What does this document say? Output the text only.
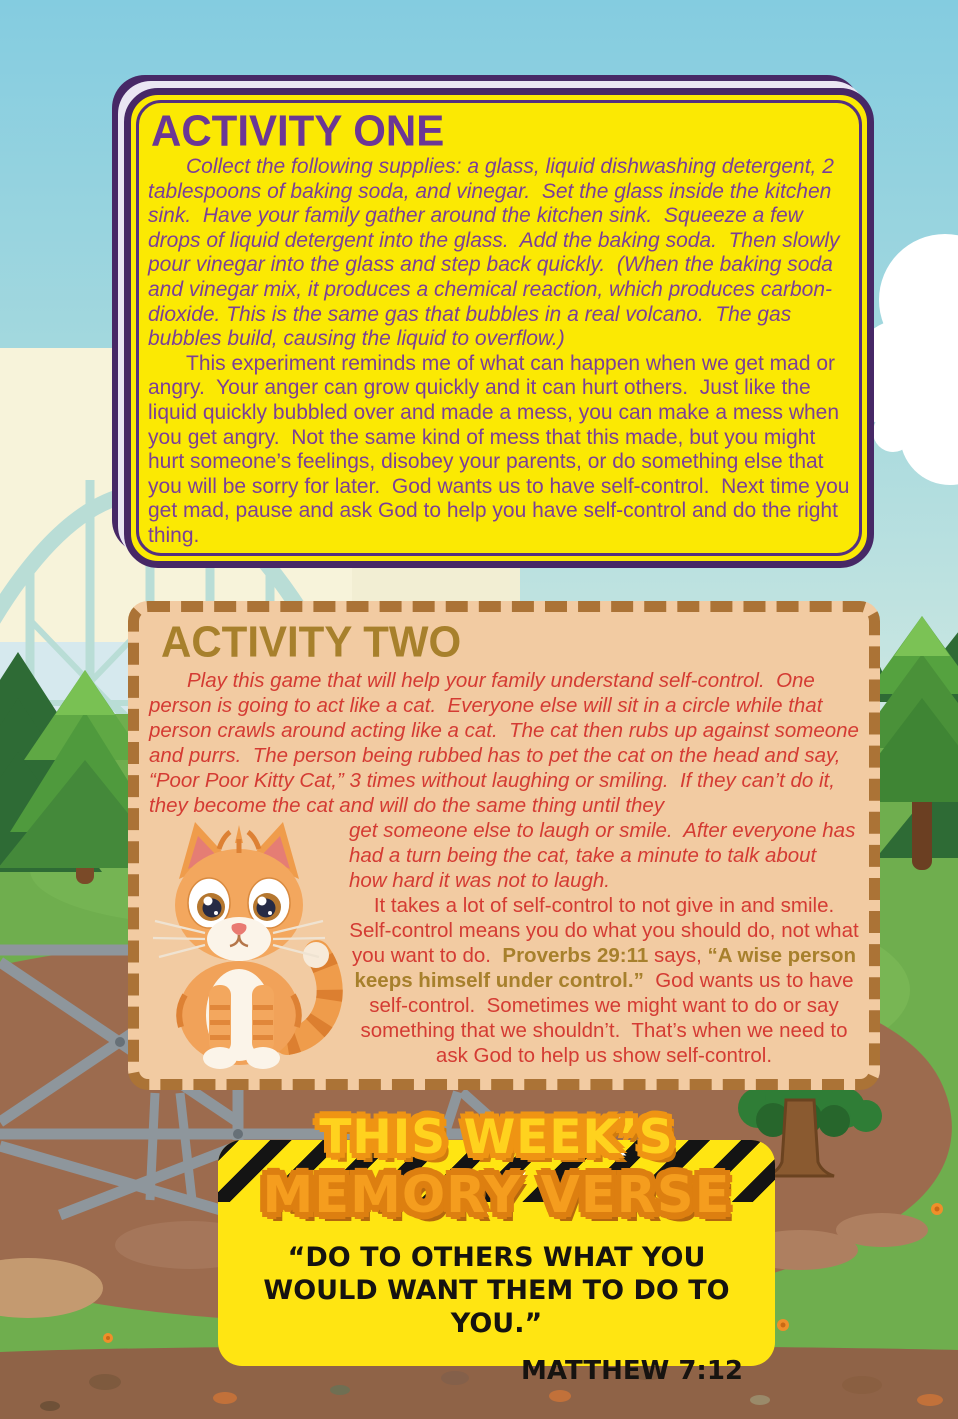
ACTIVITY ONE

Collect the following supplies: a glass, liquid dishwashing detergent, 2 tablespoons of baking soda, and vinegar.  Set the glass inside the kitchen sink.  Have your family gather around the kitchen sink.  Squeeze a few drops of liquid detergent into the glass.  Add the baking soda.  Then slowly pour vinegar into the glass and step back quickly.  (When the baking soda and vinegar mix, it produces a chemical reaction, which produces carbon-dioxide. This is the same gas that bubbles in a real volcano.  The gas bubbles build, causing the liquid to overflow.)

This experiment reminds me of what can happen when we get mad or angry.  Your anger can grow quickly and it can hurt others.  Just like the liquid quickly bubbled over and made a mess, you can make a mess when you get angry.  Not the same kind of mess that this made, but you might hurt someone’s feelings, disobey your parents, or do something else that you will be sorry for later.  God wants us to have self-control.  Next time you get mad, pause and ask God to help you have self-control and do the right thing.

ACTIVITY TWO

Play this game that will help your family understand self-control.  One person is going to act like a cat.  Everyone else will sit in a circle while that person crawls around acting like a cat.  The cat then rubs up against someone and purrs.  The person being rubbed has to pet the cat on the head and say, “Poor Poor Kitty Cat,” 3 times without laughing or smiling.  If they can’t do it, they become the cat and will do the same thing until they

get someone else to laugh or smile.  After everyone has had a turn being the cat, take a minute to talk about how hard it was not to laugh.

It takes a lot of self-control to not give in and smile.  Self-control means you do what you should do, not what you want to do.  Proverbs 29:11 says, “A wise person keeps himself under control.”  God wants us to have self-control.  Sometimes we might want to do or say something that we shouldn’t.  That’s when we need to ask God to help us show self-control.

THIS WEEK’S
MEMORY VERSE
“DO TO OTHERS WHAT YOU WOULD WANT THEM TO DO TO YOU.”
MATTHEW 7:12
